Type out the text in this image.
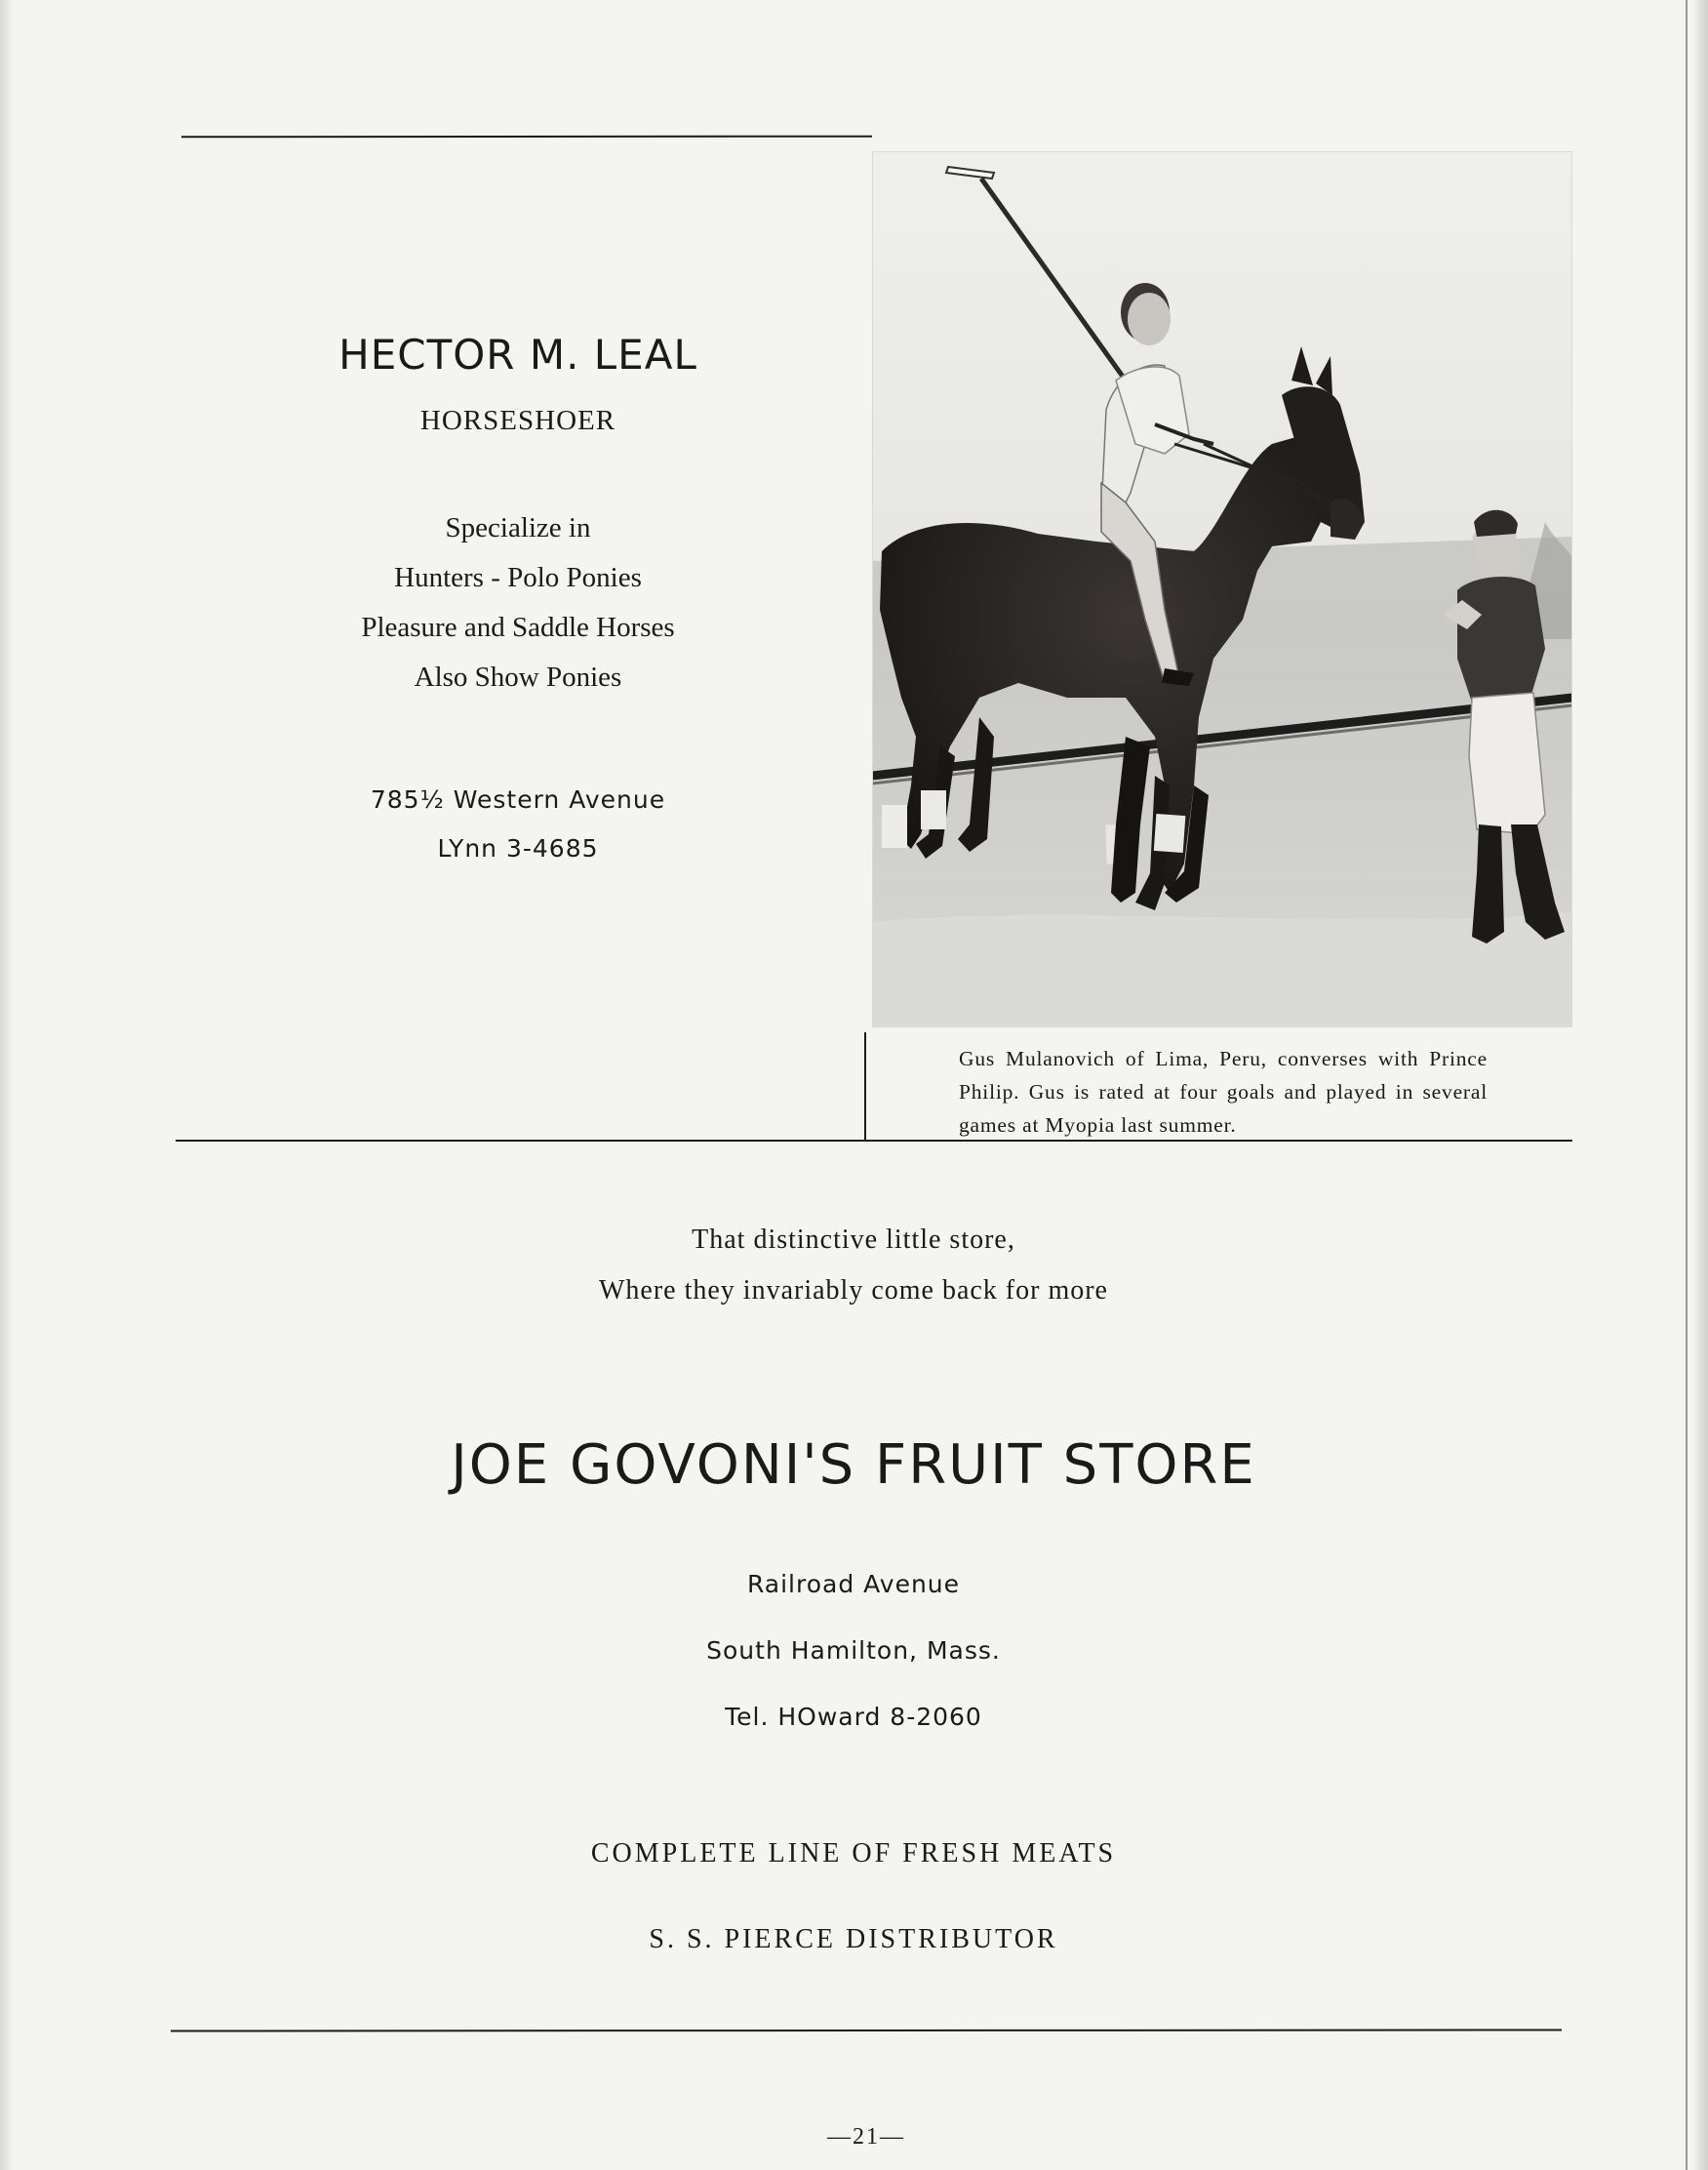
HECTOR M. LEAL
HORSESHOER
Specialize in
Hunters - Polo Ponies
Pleasure and Saddle Horses
Also Show Ponies
785½ Western Avenue
LYnn 3-4685
Gus Mulanovich of Lima, Peru, converses with Prince Philip. Gus is rated at four goals and played in several games at Myopia last summer.
That distinctive little store,
Where they invariably come back for more
JOE GOVONI'S FRUIT STORE
Railroad Avenue
South Hamilton, Mass.
Tel. HOward 8-2060
COMPLETE LINE OF FRESH MEATS
S. S. PIERCE DISTRIBUTOR
—21—
